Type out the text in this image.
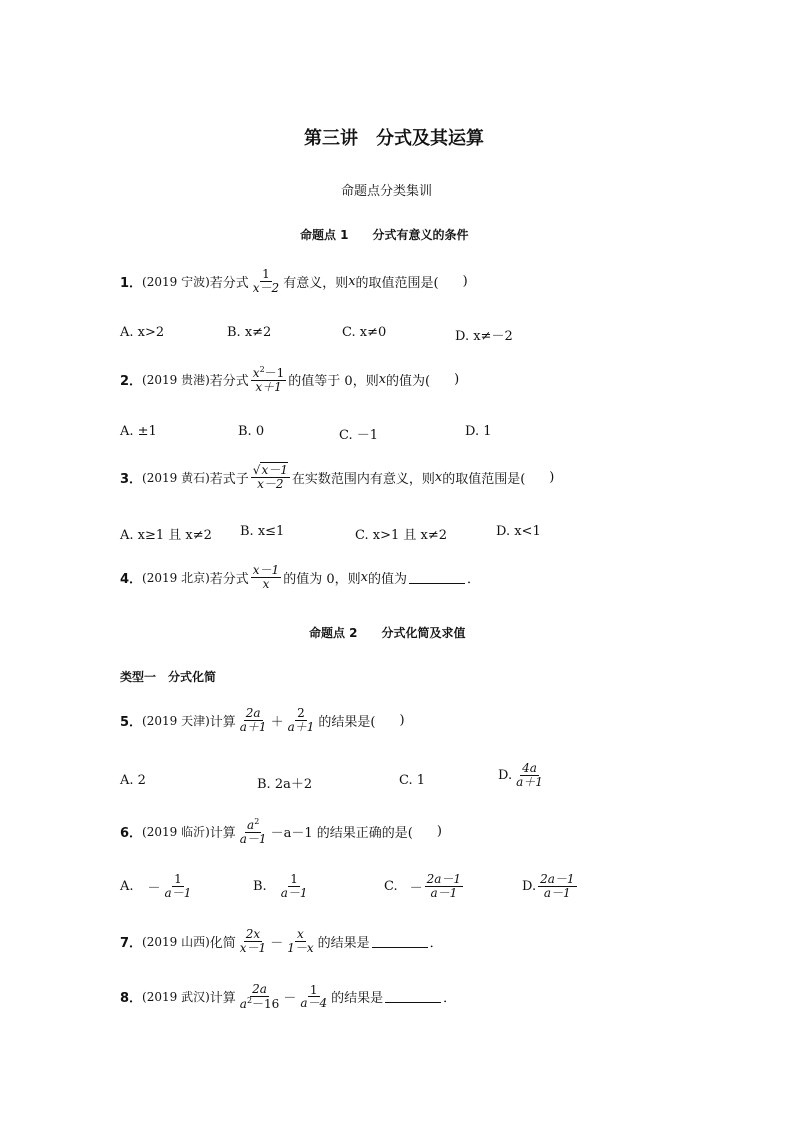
第三讲　分式及其运算
命题点分类集训
命题点 1　　分式有意义的条件
1． (2019 宁波) 若分式 $\frac{1}{x-2}$ 有意义，则 x 的取值范围是( )
A. x>2	B. x≠2	C. x≠0	D. x≠－2
2． (2019 贵港) 若分式 $\frac{x^2-1}{x+1}$ 的值等于 0，则 x 的值为( )
A. ±1	B. 0	C. －1	D. 1
3． (2019 黄石) 若式子 $\frac{√x-1}{x-2}$ 在实数范围内有意义，则 x 的取值范围是( )
A. x≥1 且 x≠2 B. x≤1	C. x>1 且 x≠2	D. x<1
4． (2019 北京) 若分式 $\frac{x-1}{x}$ 的值为 0，则 x 的值为	．
命题点 2　　分式化简及求值
类型一　分式化简
5． (2019 天津) 计算 $\frac{2a}{a+1} + \frac{2}{a+1}$ 的结果是( )
A. 2	B. 2a＋2	C. 1	D. $\frac{4a}{a+1}$
6． (2019 临沂) 计算 $\frac{a^2}{a-1} -a-1$ 的结果正确的是( )
A. － $\frac{1}{a-1}$	B. $\frac{1}{a-1}$	C. － $\frac{2a-1}{a-1}$	D. $\frac{2a-1}{a-1}$
7． (2019 山西) 化简 $\frac{2x}{x-1} - \frac{x}{1-x}$ 的结果是	．
8． (2019 武汉) 计算 $\frac{2a}{a^2-16} - \frac{1}{a-4}$ 的结果是	．
